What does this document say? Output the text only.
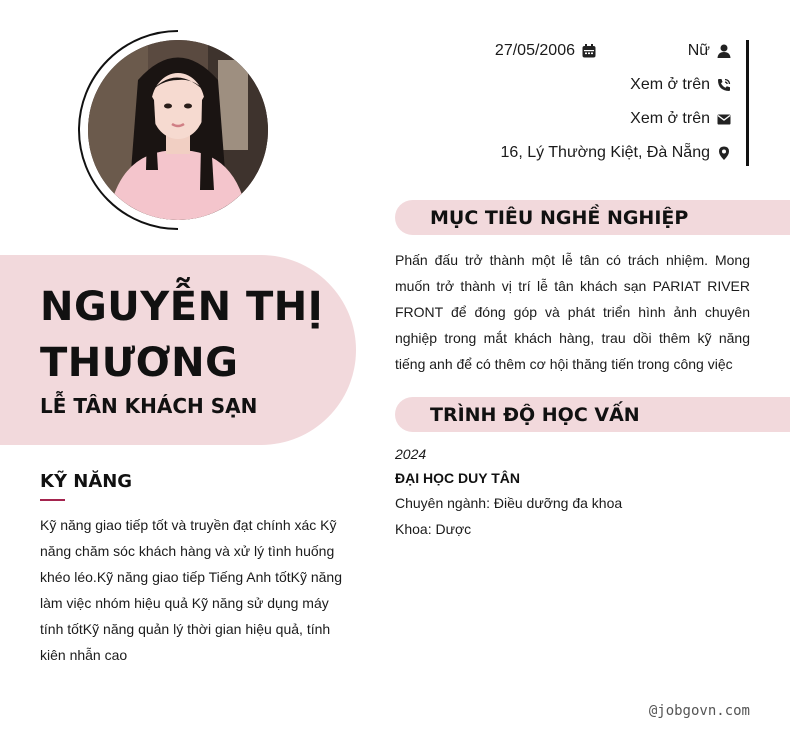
NGUYỄN THỊ THƯƠNG
LỄ TÂN KHÁCH SẠN
KỸ NĂNG
Kỹ năng giao tiếp tốt và truyền đạt chính xác Kỹ năng chăm sóc khách hàng và xử lý tình huống khéo léo.Kỹ năng giao tiếp Tiếng Anh tốtKỹ năng làm việc nhóm hiệu quả Kỹ năng sử dụng máy tính tốtKỹ năng quản lý thời gian hiệu quả, tính kiên nhẫn cao
27/05/2006	Nữ
Xem ở trên
Xem ở trên
16, Lý Thường Kiệt, Đà Nẵng
MỤC TIÊU NGHỀ NGHIỆP
Phấn đấu trở thành một lễ tân có trách nhiệm. Mong muốn trở thành vị trí lễ tân khách sạn PARIAT RIVER FRONT để đóng góp và phát triển hình ảnh chuyên nghiệp trong mắt khách hàng, trau dồi thêm kỹ năng tiếng anh để có thêm cơ hội thăng tiến trong công việc
TRÌNH ĐỘ HỌC VẤN
2024
ĐẠI HỌC DUY TÂN
Chuyên ngành: Điều dưỡng đa khoa
Khoa: Dược
@jobgovn.com
